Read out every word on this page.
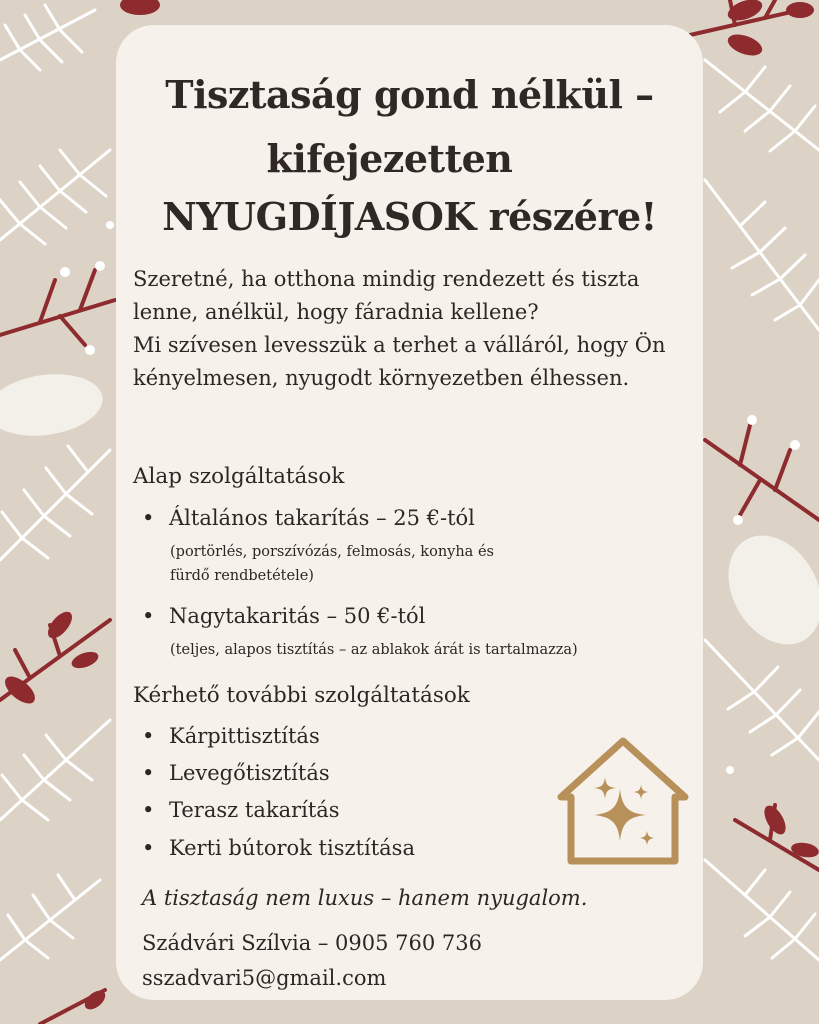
Tisztaság gond nélkül –
kifejezetten
NYUGDÍJASOK részére!

Szeretné, ha otthona mindig rendezett és tiszta lenne, anélkül, hogy fáradnia kellene?

Mi szívesen levesszük a terhet a válláról, hogy Ön kényelmesen, nyugodt környezetben élhessen.

Alap szolgáltatások
• Általános takarítás – 25 €-tól
(portörlés, porszívózás, felmosás, konyha és
fürdő rendbetétele)
• Nagytakaritás – 50 €-tól
(teljes, alapos tisztítás – az ablakok árát is tartalmazza)
Kérhető további szolgáltatások
• Kárpittisztítás
• Levegőtisztítás
• Terasz takarítás
• Kerti bútorok tisztítása
A tisztaság nem luxus – hanem nyugalom.
Szádvári Szílvia – 0905 760 736
sszadvari5@gmail.com
